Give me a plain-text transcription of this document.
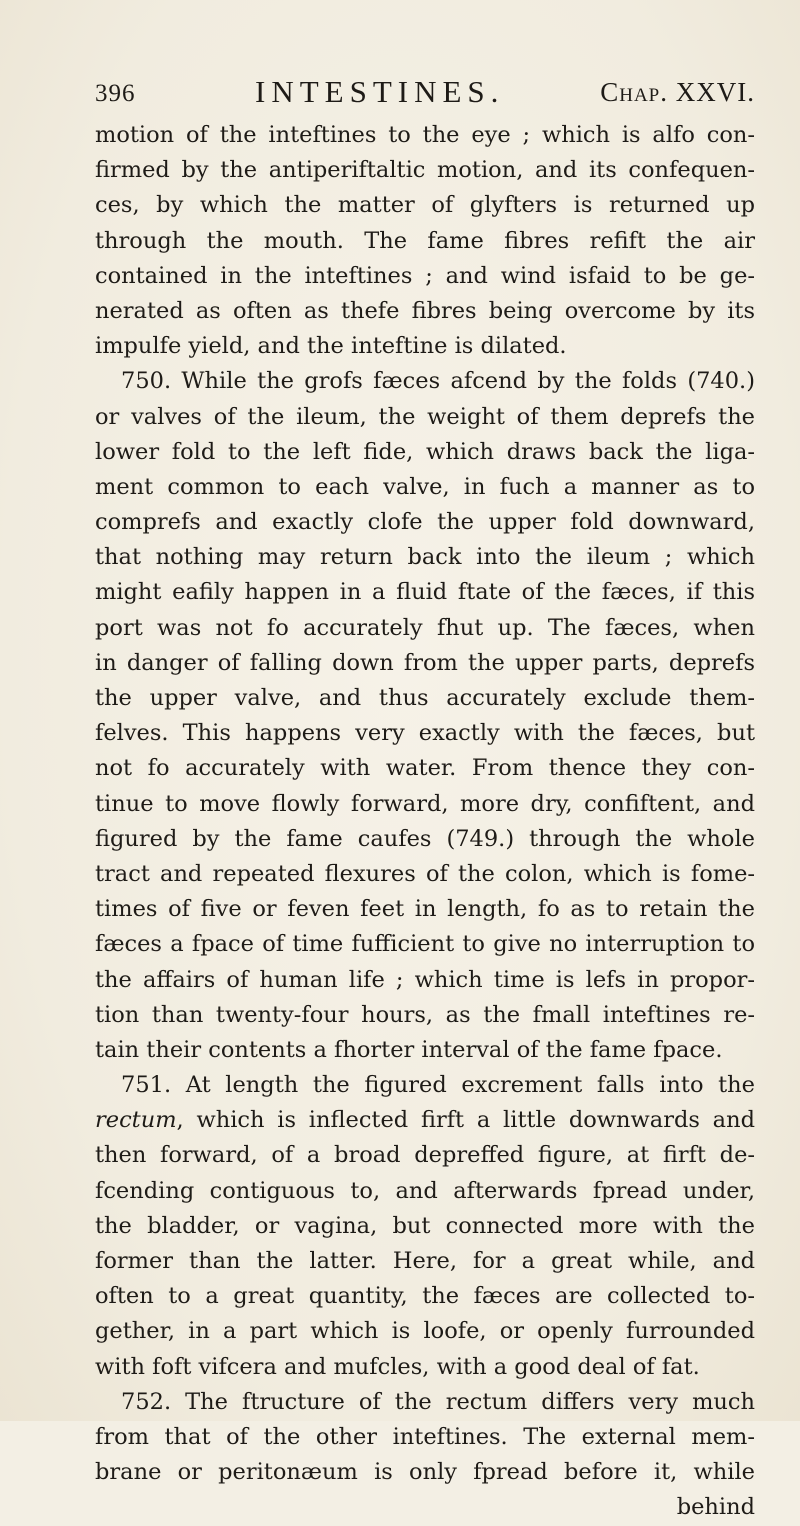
396	INTESTINES.	Chap. XXVI.
motion of the inteftines to the eye ; which is alfo con-
firmed by the antiperiftaltic motion, and its confequen-
ces, by which the matter of glyfters is returned up
through the mouth. The fame fibres refift the air
contained in the inteftines ; and wind isfaid to be ge-
nerated as often as thefe fibres being overcome by its
impulfe yield, and the inteftine is dilated.
750. While the grofs fæces afcend by the folds (740.)
or valves of the ileum, the weight of them deprefs the
lower fold to the left fide, which draws back the liga-
ment common to each valve, in fuch a manner as to
comprefs and exactly clofe the upper fold downward,
that nothing may return back into the ileum ; which
might eafily happen in a fluid ftate of the fæces, if this
port was not fo accurately fhut up. The fæces, when
in danger of falling down from the upper parts, deprefs
the upper valve, and thus accurately exclude them-
felves. This happens very exactly with the fæces, but
not fo accurately with water. From thence they con-
tinue to move flowly forward, more dry, confiftent, and
figured by the fame caufes (749.) through the whole
tract and repeated flexures of the colon, which is fome-
times of five or feven feet in length, fo as to retain the
fæces a fpace of time fufficient to give no interruption to
the affairs of human life ; which time is lefs in propor-
tion than twenty-four hours, as the fmall inteftines re-
tain their contents a fhorter interval of the fame fpace.
751. At length the figured excrement falls into the
rectum, which is inflected firft a little downwards and
then forward, of a broad depreffed figure, at firft de-
fcending contiguous to, and afterwards fpread under,
the bladder, or vagina, but connected more with the
former than the latter. Here, for a great while, and
often to a great quantity, the fæces are collected to-
gether, in a part which is loofe, or openly furrounded
with foft vifcera and mufcles, with a good deal of fat.
752. The ftructure of the rectum differs very much
from that of the other inteftines. The external mem-
brane or peritonæum is only fpread before it, while
behind
